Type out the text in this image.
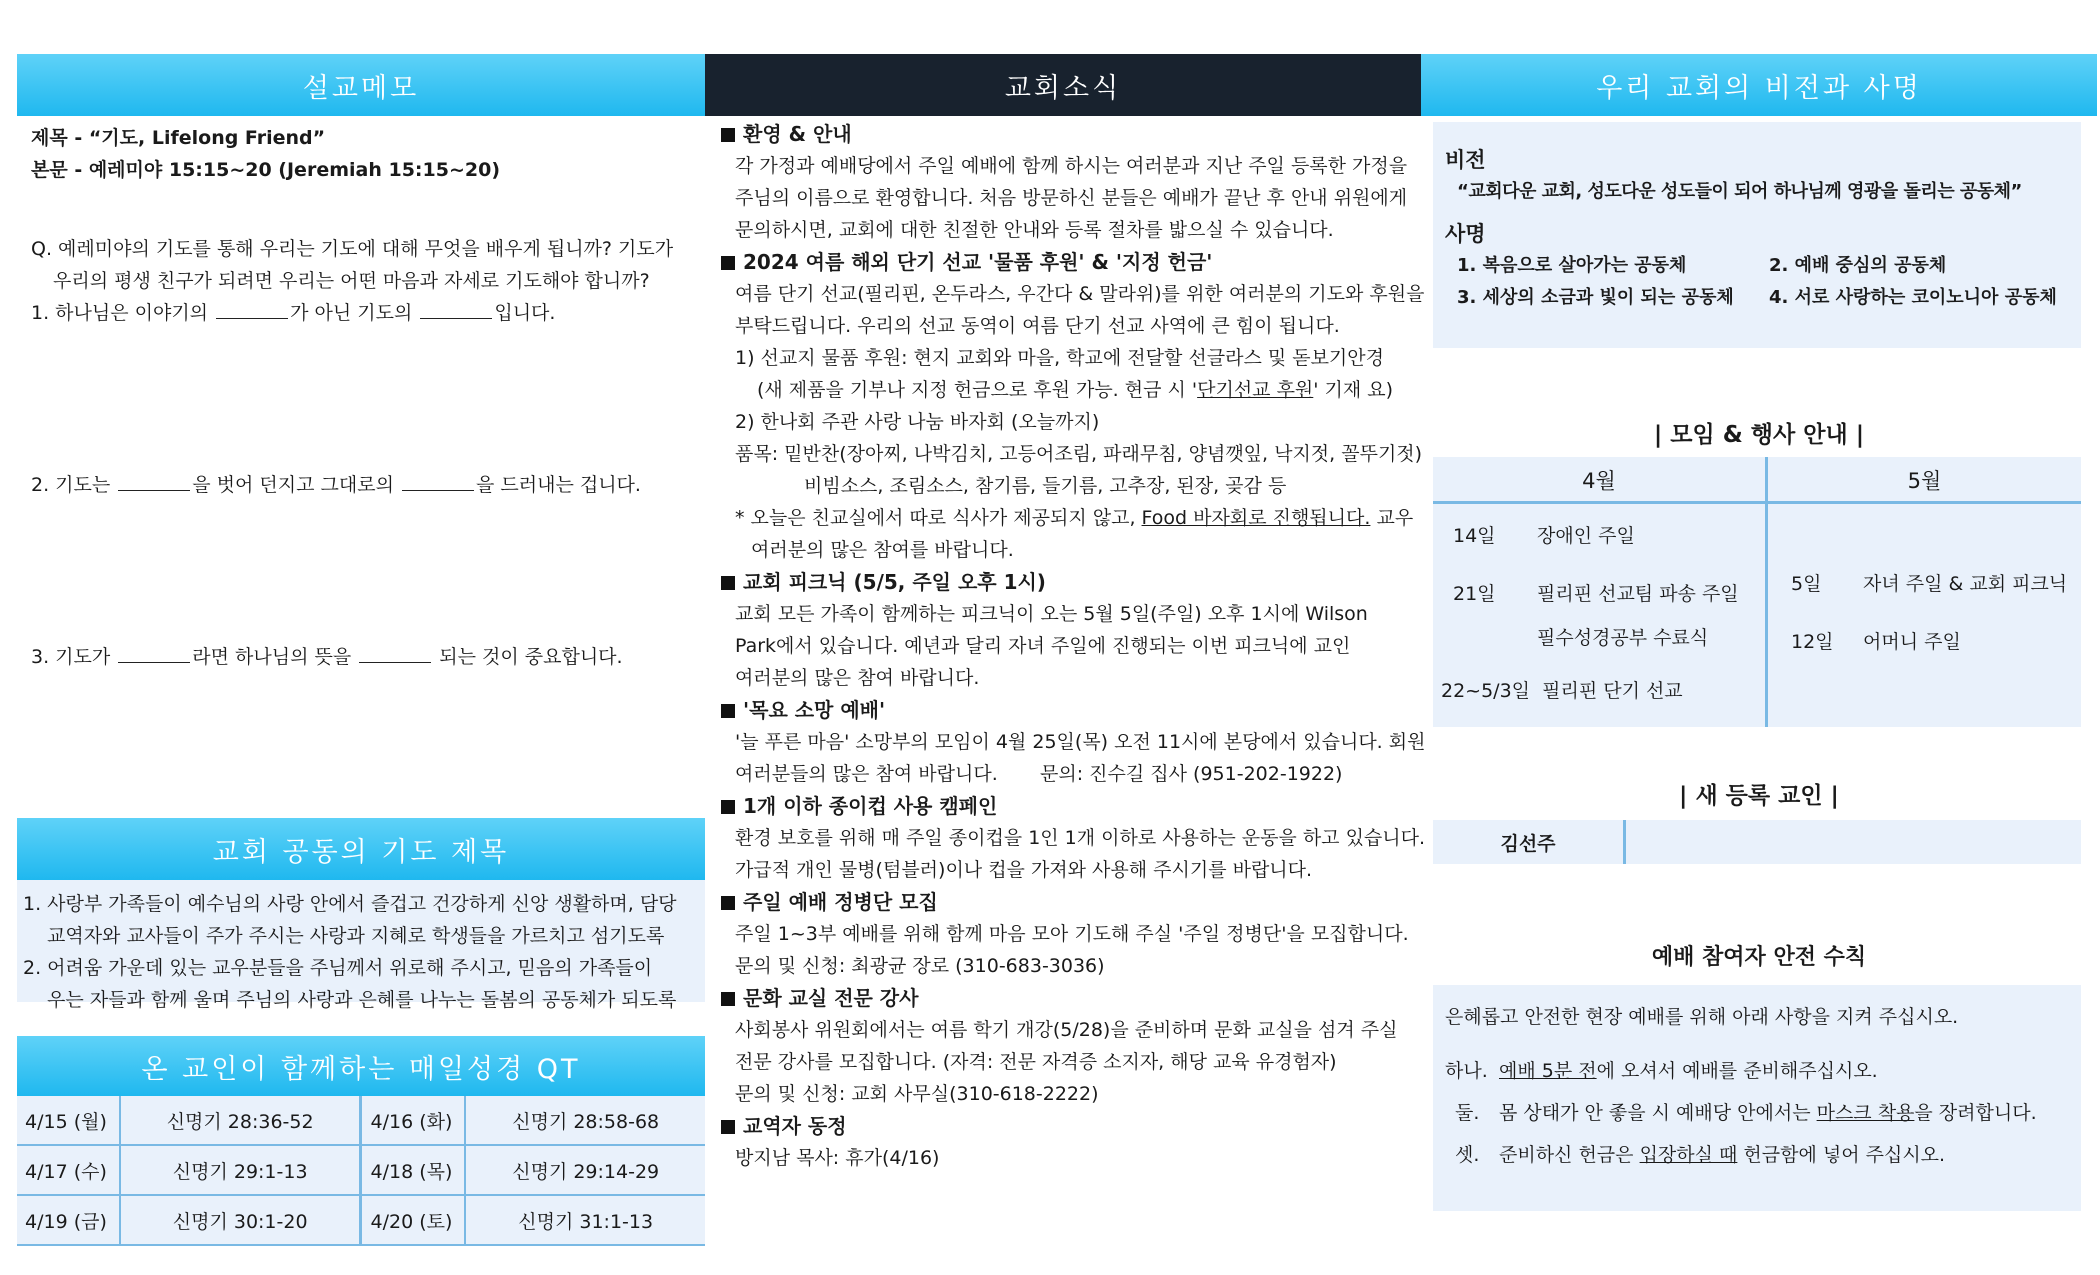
설교메모
제목 - “기도, Lifelong Friend”
본문 - 예레미야 15:15~20 (Jeremiah 15:15~20)
Q. 예레미야의 기도를 통해 우리는 기도에 대해 무엇을 배우게 됩니까? 기도가
우리의 평생 친구가 되려면 우리는 어떤 마음과 자세로 기도해야 합니까?
1. 하나님은 이야기의	가 아닌 기도의	입니다.
2. 기도는	을 벗어 던지고 그대로의	을 드러내는 겁니다.
3. 기도가	라면 하나님의 뜻을	되는 것이 중요합니다.
교회 공동의 기도 제목
1. 사랑부 가족들이 예수님의 사랑 안에서 즐겁고 건강하게 신앙 생활하며, 담당
교역자와 교사들이 주가 주시는 사랑과 지혜로 학생들을 가르치고 섬기도록
2. 어려움 가운데 있는 교우분들을 주님께서 위로해 주시고, 믿음의 가족들이
우는 자들과 함께 울며 주님의 사랑과 은혜를 나누는 돌봄의 공동체가 되도록
온 교인이 함께하는 매일성경 QT
4/15 (월)	신명기 28:36-52	4/16 (화)	신명기 28:58-68
4/17 (수)	신명기 29:1-13	4/18 (목)	신명기 29:14-29
4/19 (금)	신명기 30:1-20	4/20 (토)	신명기 31:1-13
교회소식
환영 & 안내
각 가정과 예배당에서 주일 예배에 함께 하시는 여러분과 지난 주일 등록한 가정을
주님의 이름으로 환영합니다. 처음 방문하신 분들은 예배가 끝난 후 안내 위원에게
문의하시면, 교회에 대한 친절한 안내와 등록 절차를 밟으실 수 있습니다.
2024 여름 해외 단기 선교 '물품 후원' & '지정 헌금'
여름 단기 선교(필리핀, 온두라스, 우간다 & 말라위)를 위한 여러분의 기도와 후원을
부탁드립니다. 우리의 선교 동역이 여름 단기 선교 사역에 큰 힘이 됩니다.
1) 선교지 물품 후원: 현지 교회와 마을, 학교에 전달할 선글라스 및 돋보기안경
(새 제품을 기부나 지정 헌금으로 후원 가능. 현금 시 '단기선교 후원' 기재 요)
2) 한나회 주관 사랑 나눔 바자회 (오늘까지)
품목: 밑반찬(장아찌, 나박김치, 고등어조림, 파래무침, 양념깻잎, 낙지젓, 꼴뚜기젓)
비빔소스, 조림소스, 참기름, 들기름, 고추장, 된장, 곶감 등
* 오늘은 친교실에서 따로 식사가 제공되지 않고, Food 바자회로 진행됩니다. 교우
여러분의 많은 참여를 바랍니다.
교회 피크닉 (5/5, 주일 오후 1시)
교회 모든 가족이 함께하는 피크닉이 오는 5월 5일(주일) 오후 1시에 Wilson
Park에서 있습니다. 예년과 달리 자녀 주일에 진행되는 이번 피크닉에 교인
여러분의 많은 참여 바랍니다.
'목요 소망 예배'
'늘 푸른 마음' 소망부의 모임이 4월 25일(목) 오전 11시에 본당에서 있습니다. 회원
여러분들의 많은 참여 바랍니다.       문의: 진수길 집사 (951-202-1922)
1개 이하 종이컵 사용 캠페인
환경 보호를 위해 매 주일 종이컵을 1인 1개 이하로 사용하는 운동을 하고 있습니다.
가급적 개인 물병(텀블러)이나 컵을 가져와 사용해 주시기를 바랍니다.
주일 예배 정병단 모집
주일 1~3부 예배를 위해 함께 마음 모아 기도해 주실 '주일 정병단'을 모집합니다.
문의 및 신청: 최광균 장로 (310-683-3036)
문화 교실 전문 강사
사회봉사 위원회에서는 여름 학기 개강(5/28)을 준비하며 문화 교실을 섬겨 주실
전문 강사를 모집합니다. (자격: 전문 자격증 소지자, 해당 교육 유경험자)
문의 및 신청: 교회 사무실(310-618-2222)
교역자 동정
방지남 목사: 휴가(4/16)
우리 교회의 비전과 사명
비전
“교회다운 교회, 성도다운 성도들이 되어 하나님께 영광을 돌리는 공동체”
사명
1. 복음으로 살아가는 공동체	2. 예배 중심의 공동체
3. 세상의 소금과 빛이 되는 공동체	4. 서로 사랑하는 코이노니아 공동체
| 모임 & 행사 안내 |
4월	5월
14일 장애인 주일
21일 필리핀 선교팀 파송 주일
필수성경공부 수료식
22~5/3일  필리핀 단기 선교
5일 자녀 주일 & 교회 피크닉
12일 어머니 주일
| 새 등록 교인 |
김선주
예배 참여자 안전 수칙
은혜롭고 안전한 현장 예배를 위해 아래 사항을 지켜 주십시오.
하나. 예배 5분 전에 오셔서 예배를 준비해주십시오.
둘.	몸 상태가 안 좋을 시 예배당 안에서는 마스크 착용을 장려합니다.
셋.	준비하신 헌금은 입장하실 때 헌금함에 넣어 주십시오.
